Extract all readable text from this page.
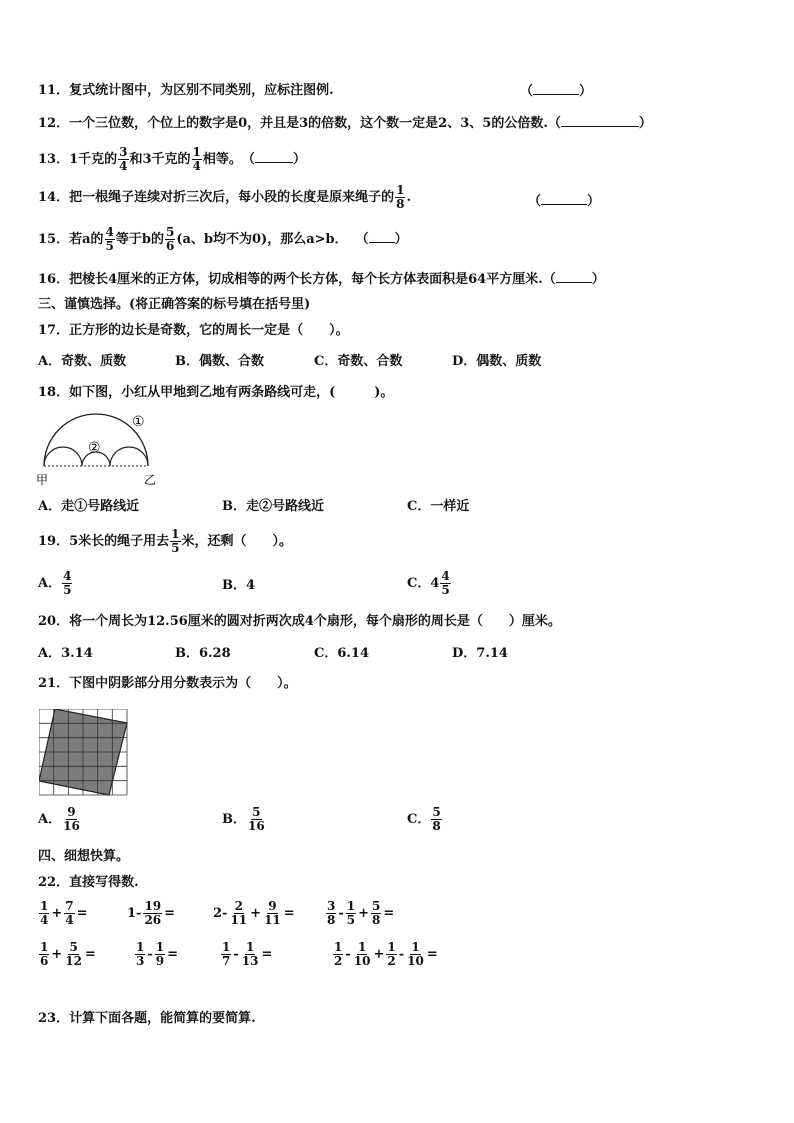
11．复式统计图中，为区别不同类别，应标注图例.	（	）
12．一个三位数，个位上的数字是0，并且是3的倍数，这个数一定是2、3、5的公倍数.（	）
13． 1千克的 $\frac{3}{4}$ 和3千克的 $\frac{1}{4}$ 相等。 （	）
14． 把一根绳子连续对折三次后，每小段的长度是原来绳子的 $\frac{1}{8}$ .	（	）
15． 若a的 $\frac{4}{5}$ 等于b的 $\frac{5}{6} (a$、b均不为0)，那么a>b． （ ）
16．把棱长4厘米的正方体，切成相等的两个长方体，每个长方体表面积是64平方厘米.（	）
三、谨慎选择。(将正确答案的标号填在括号里)
17．正方形的边长是奇数，它的周长一定是（　　）。
A．奇数、质数	B．偶数、合数	C．奇数、合数	D．偶数、质数
18．如下图，小红从甲地到乙地有两条路线可走，(　　　)。
①
②
甲	乙
A．走①号路线近	B．走②号路线近	C．一样近
19． 5米长的绳子用去 $\frac{1}{5}$ 米，还剩（　　）。
A． $\frac{4}{5}$	B．4	C． $4 \frac{4}{5}$
20．将一个周长为12.56厘米的圆对折两次成4个扇形，每个扇形的周长是（　　）厘米。
A．3.14	B．6.28	C．6.14	D．7.14
21．下图中阴影部分用分数表示为（　　）。
A． $\frac{9}{16}$	B． $\frac{5}{16}$	C． $\frac{5}{8}$
四、细想快算。
22．直接写得数.
$\frac{1}{4} + \frac{7}{4}$ =	$1- \frac{19}{26}$ =	$2- \frac{2}{11} + \frac{9}{11}$ =	$\frac{3}{8} - \frac{1}{5} + \frac{5}{8}$ =
$\frac{1}{6} + \frac{5}{12}$ =	$\frac{1}{3} - \frac{1}{9}$ =	$\frac{1}{7} - \frac{1}{13}$ =	$\frac{1}{2} - \frac{1}{10} + \frac{1}{2} - \frac{1}{10}$ =
23．计算下面各题，能简算的要简算.
